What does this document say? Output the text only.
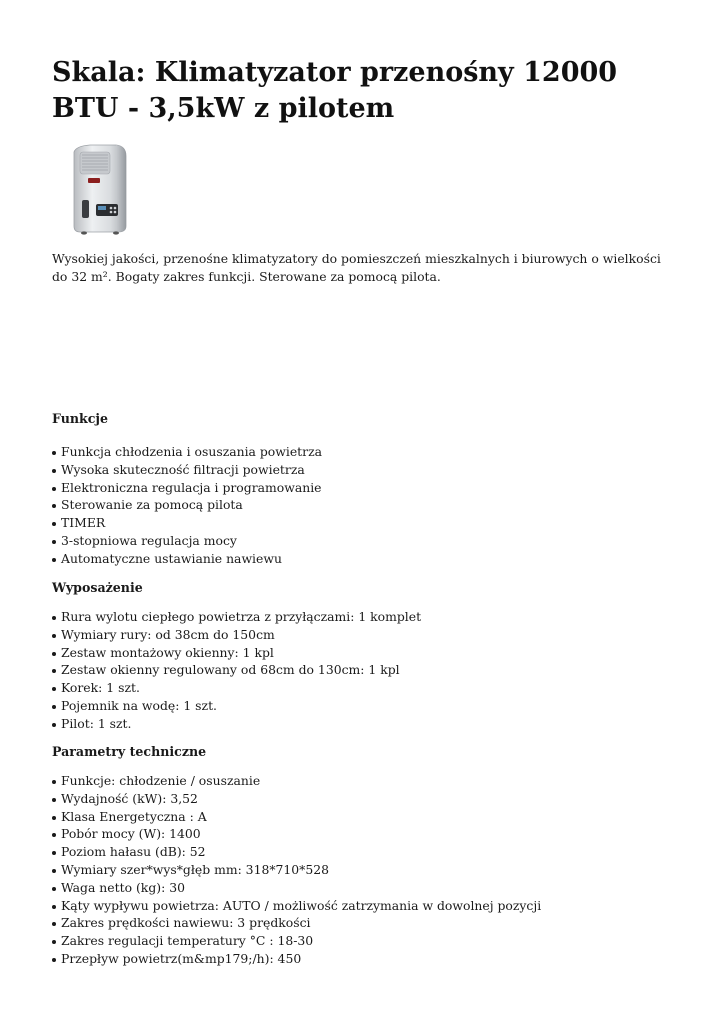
Skala: Klimatyzator przenośny 12000 BTU - 3,5kW z pilotem

Wysokiej jakości, przenośne klimatyzatory do pomieszczeń mieszkalnych i biurowych o wielkości do 32 m². Bogaty zakres funkcji. Sterowane za pomocą pilota.

Funkcje
Funkcja chłodzenia i osuszania powietrza
Wysoka skuteczność filtracji powietrza
Elektroniczna regulacja i programowanie
Sterowanie za pomocą pilota
TIMER
3-stopniowa regulacja mocy
Automatyczne ustawianie nawiewu
Wyposażenie
Rura wylotu ciepłego powietrza z przyłączami: 1 komplet
Wymiary rury: od 38cm do 150cm
Zestaw montażowy okienny: 1 kpl
Zestaw okienny regulowany od 68cm do 130cm: 1 kpl
Korek: 1 szt.
Pojemnik na wodę: 1 szt.
Pilot: 1 szt.
Parametry techniczne
Funkcje: chłodzenie / osuszanie
Wydajność (kW): 3,52
Klasa Energetyczna : A
Pobór mocy (W): 1400
Poziom hałasu (dB): 52
Wymiary szer*wys*głęb mm: 318*710*528
Waga netto (kg): 30
Kąty wypływu powietrza: AUTO / możliwość zatrzymania w dowolnej pozycji
Zakres prędkości nawiewu: 3 prędkości
Zakres regulacji temperatury °C : 18-30
Przepływ powietrz(m&mp179;/h): 450
